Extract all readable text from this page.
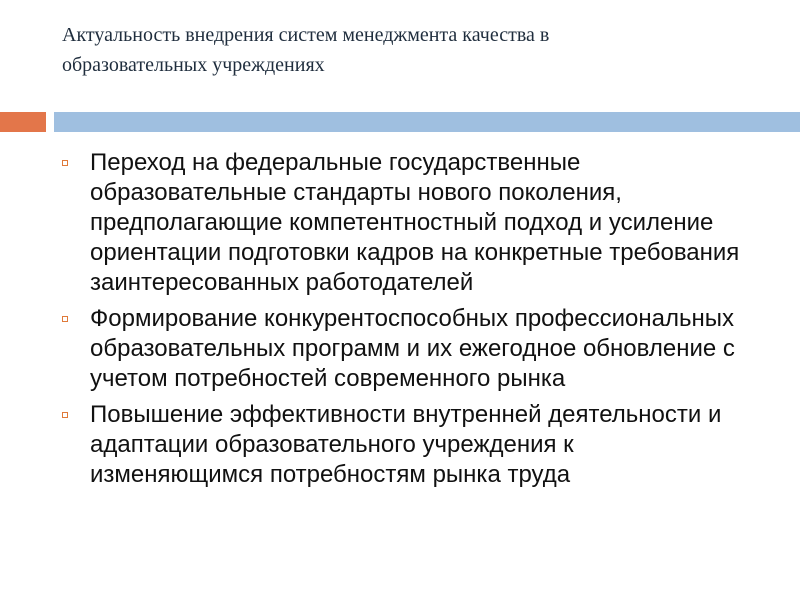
Актуальность внедрения систем менеджмента качества в образовательных учреждениях
Переход на федеральные государственные образовательные стандарты нового поколения, предполагающие компетентностный подход и усиление ориентации подготовки кадров на конкретные требования заинтересованных работодателей
Формирование конкурентоспособных профессиональных образовательных программ и их ежегодное обновление с учетом потребностей современного рынка
Повышение эффективности внутренней деятельности и адаптации образовательного учреждения к изменяющимся потребностям рынка труда
